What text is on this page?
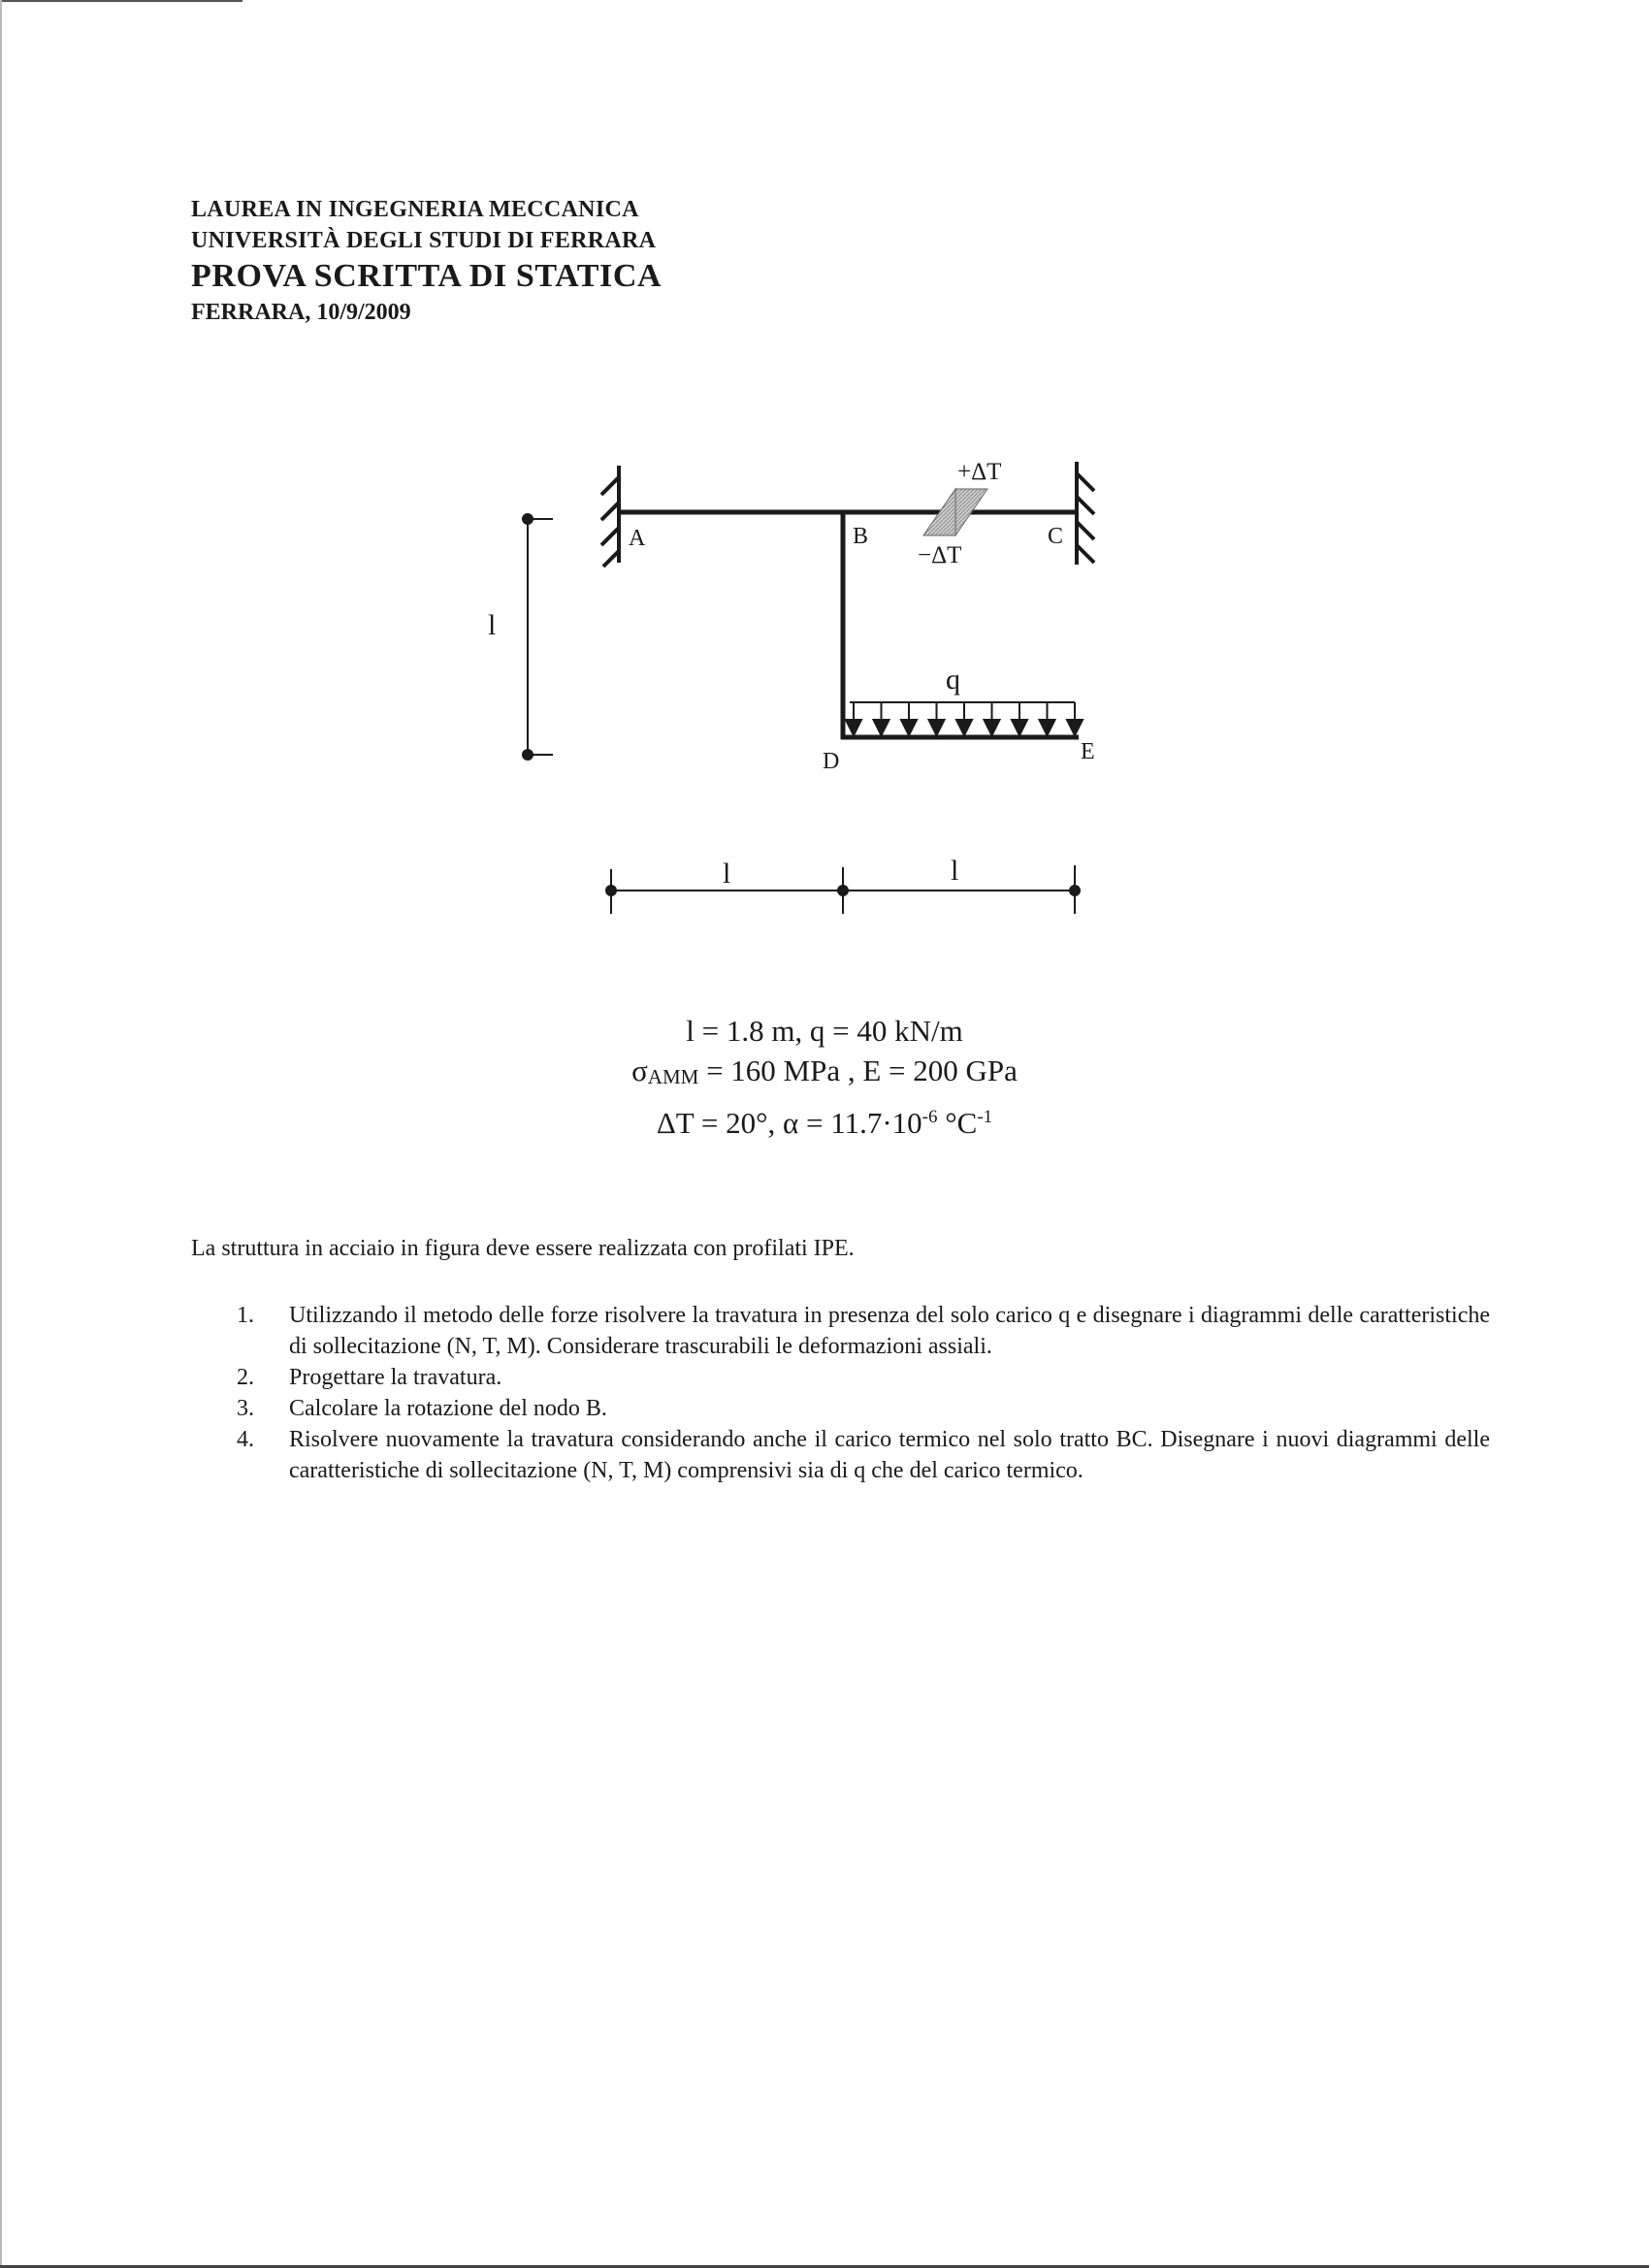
LAUREA IN INGEGNERIA MECCANICA
UNIVERSITÀ DEGLI STUDI DI FERRARA
PROVA SCRITTA DI STATICA
FERRARA, 10/9/2009
+ΔT
−ΔT
q
A	B	C
D	E
l
l	l
l = 1.8 m, q = 40 kN/m
$\sigma_{AMM} = 160$ MPa , E = 200 GPa
ΔT = 20°, $\alpha = 11.7\cdot 10^{-6}$ $^\circ C^{-1}$
La struttura in acciaio in figura deve essere realizzata con profilati IPE.
1.	Utilizzando il metodo delle forze risolvere la travatura in presenza del solo carico q e disegnare i diagrammi delle caratteristiche di sollecitazione (N, T, M). Considerare trascurabili le deformazioni assiali.
2.	Progettare la travatura.
3.	Calcolare la rotazione del nodo B.
4.	Risolvere nuovamente la travatura considerando anche il carico termico nel solo tratto BC. Disegnare i nuovi diagrammi delle caratteristiche di sollecitazione (N, T, M) comprensivi sia di q che del carico termico.
